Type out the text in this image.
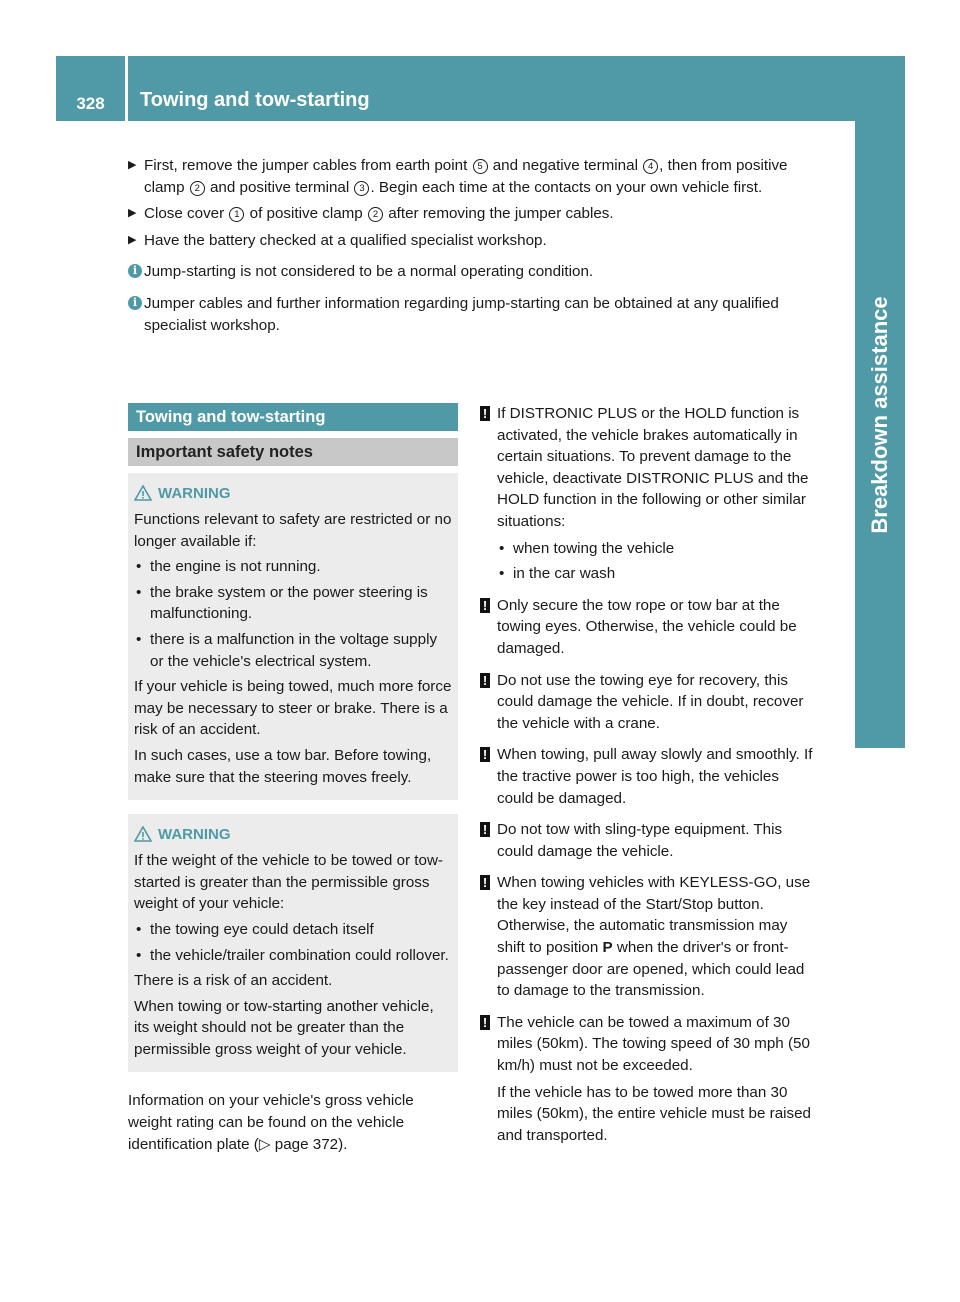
328	Towing and tow-starting
Breakdown assistance
▶ First, remove the jumper cables from earth point 5 and negative terminal 4 , then from positive clamp 2 and positive terminal 3 . Begin each time at the contacts on your own vehicle first.
▶ Close cover 1 of positive clamp 2 after removing the jumper cables.
▶ Have the battery checked at a qualified specialist workshop.
i Jump-starting is not considered to be a normal operating condition.
i Jumper cables and further information regarding jump-starting can be obtained at any qualified specialist workshop.
Towing and tow-starting
Important safety notes
WARNING

Functions relevant to safety are restricted or no longer available if:

• the engine is not running.

• the brake system or the power steering is malfunctioning.

• there is a malfunction in the voltage supply or the vehicle's electrical system.

If your vehicle is being towed, much more force may be necessary to steer or brake. There is a risk of an accident.

In such cases, use a tow bar. Before towing, make sure that the steering moves freely.

WARNING

If the weight of the vehicle to be towed or tow-started is greater than the permissible gross weight of your vehicle:

• the towing eye could detach itself

• the vehicle/trailer combination could rollover.

There is a risk of an accident.

When towing or tow-starting another vehicle, its weight should not be greater than the permissible gross weight of your vehicle.

Information on your vehicle's gross vehicle weight rating can be found on the vehicle identification plate (▷ page 372).

! If DISTRONIC PLUS or the HOLD function is activated, the vehicle brakes automatically in certain situations. To prevent damage to the vehicle, deactivate DISTRONIC PLUS and the HOLD function in the following or other similar situations:

• when towing the vehicle

• in the car wash

! Only secure the tow rope or tow bar at the towing eyes. Otherwise, the vehicle could be damaged.

! Do not use the towing eye for recovery, this could damage the vehicle. If in doubt, recover the vehicle with a crane.

! When towing, pull away slowly and smoothly. If the tractive power is too high, the vehicles could be damaged.

! Do not tow with sling-type equipment. This could damage the vehicle.

! When towing vehicles with KEYLESS-GO, use the key instead of the Start/Stop button. Otherwise, the automatic transmission may shift to position P when the driver's or front-passenger door are opened, which could lead to damage to the transmission.

! The vehicle can be towed a maximum of 30 miles (50km). The towing speed of 30 mph (50 km/h) must not be exceeded.

If the vehicle has to be towed more than 30 miles (50km), the entire vehicle must be raised and transported.
